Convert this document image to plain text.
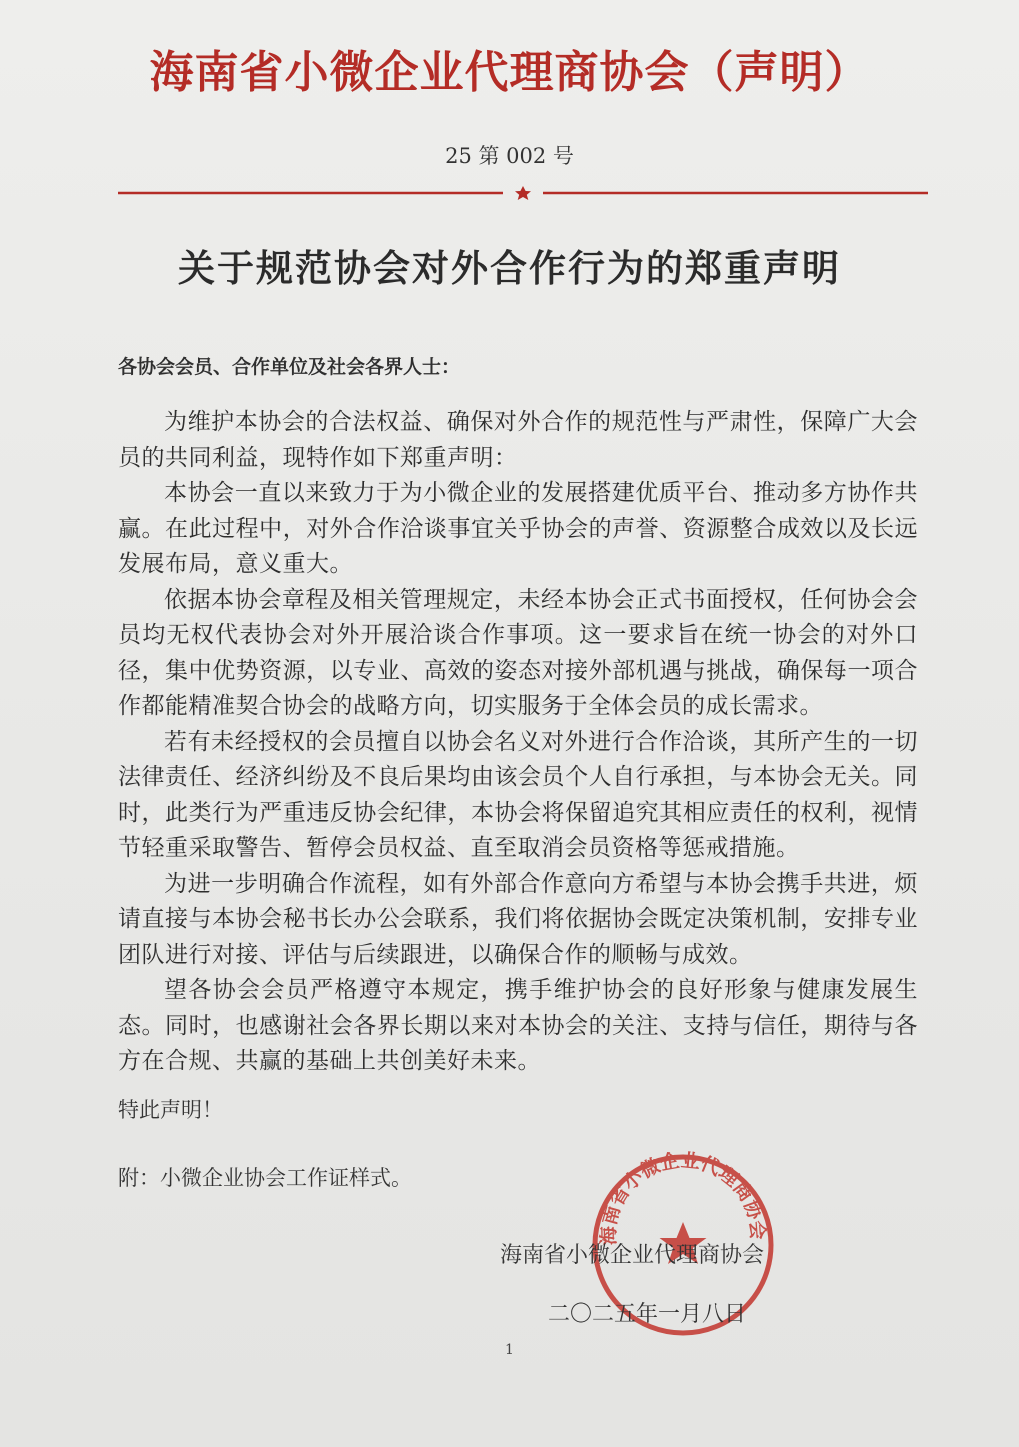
海南省小微企业代理商协会（声明）
25 第 002 号
关于规范协会对外合作行为的郑重声明
各协会会员、合作单位及社会各界人士：

为维护本协会的合法权益、确保对外合作的规范性与严肃性，保障广大会员的共同利益，现特作如下郑重声明：

本协会一直以来致力于为小微企业的发展搭建优质平台、推动多方协作共赢。在此过程中，对外合作洽谈事宜关乎协会的声誉、资源整合成效以及长远发展布局，意义重大。

依据本协会章程及相关管理规定，未经本协会正式书面授权，任何协会会员均无权代表协会对外开展洽谈合作事项。这一要求旨在统一协会的对外口径，集中优势资源，以专业、高效的姿态对接外部机遇与挑战，确保每一项合作都能精准契合协会的战略方向，切实服务于全体会员的成长需求。

若有未经授权的会员擅自以协会名义对外进行合作洽谈，其所产生的一切法律责任、经济纠纷及不良后果均由该会员个人自行承担，与本协会无关。同时，此类行为严重违反协会纪律，本协会将保留追究其相应责任的权利，视情节轻重采取警告、暂停会员权益、直至取消会员资格等惩戒措施。

为进一步明确合作流程，如有外部合作意向方希望与本协会携手共进，烦请直接与本协会秘书长办公会联系，我们将依据协会既定决策机制，安排专业团队进行对接、评估与后续跟进，以确保合作的顺畅与成效。

望各协会会员严格遵守本规定，携手维护协会的良好形象与健康发展生态。同时，也感谢社会各界长期以来对本协会的关注、支持与信任，期待与各方在合规、共赢的基础上共创美好未来。

特此声明！
附：小微企业协会工作证样式。
海南省小微企业代理商协会
海南省小微企业代理商协会
二〇二五年一月八日
1
